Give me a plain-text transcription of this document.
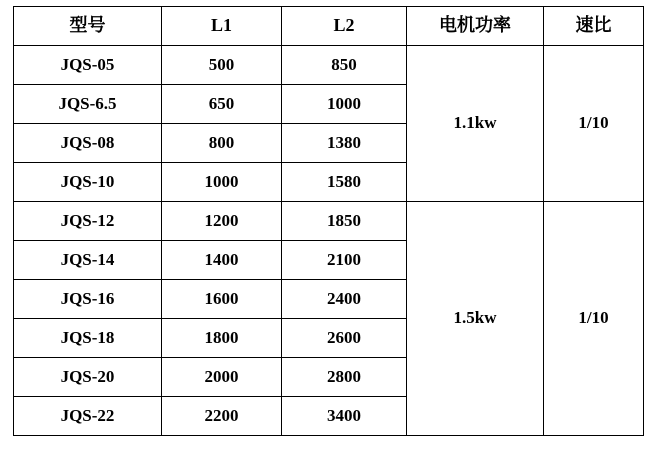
型号	L1	L2	电机功率	速比
JQS-05	500	850	1.1kw	1/10
JQS-6.5	650	1000		
JQS-08	800	1380		
JQS-10	1000	1580		
JQS-12	1200	1850	1.5kw	1/10
JQS-14	1400	2100		
JQS-16	1600	2400		
JQS-18	1800	2600		
JQS-20	2000	2800		
JQS-22	2200	3400		
